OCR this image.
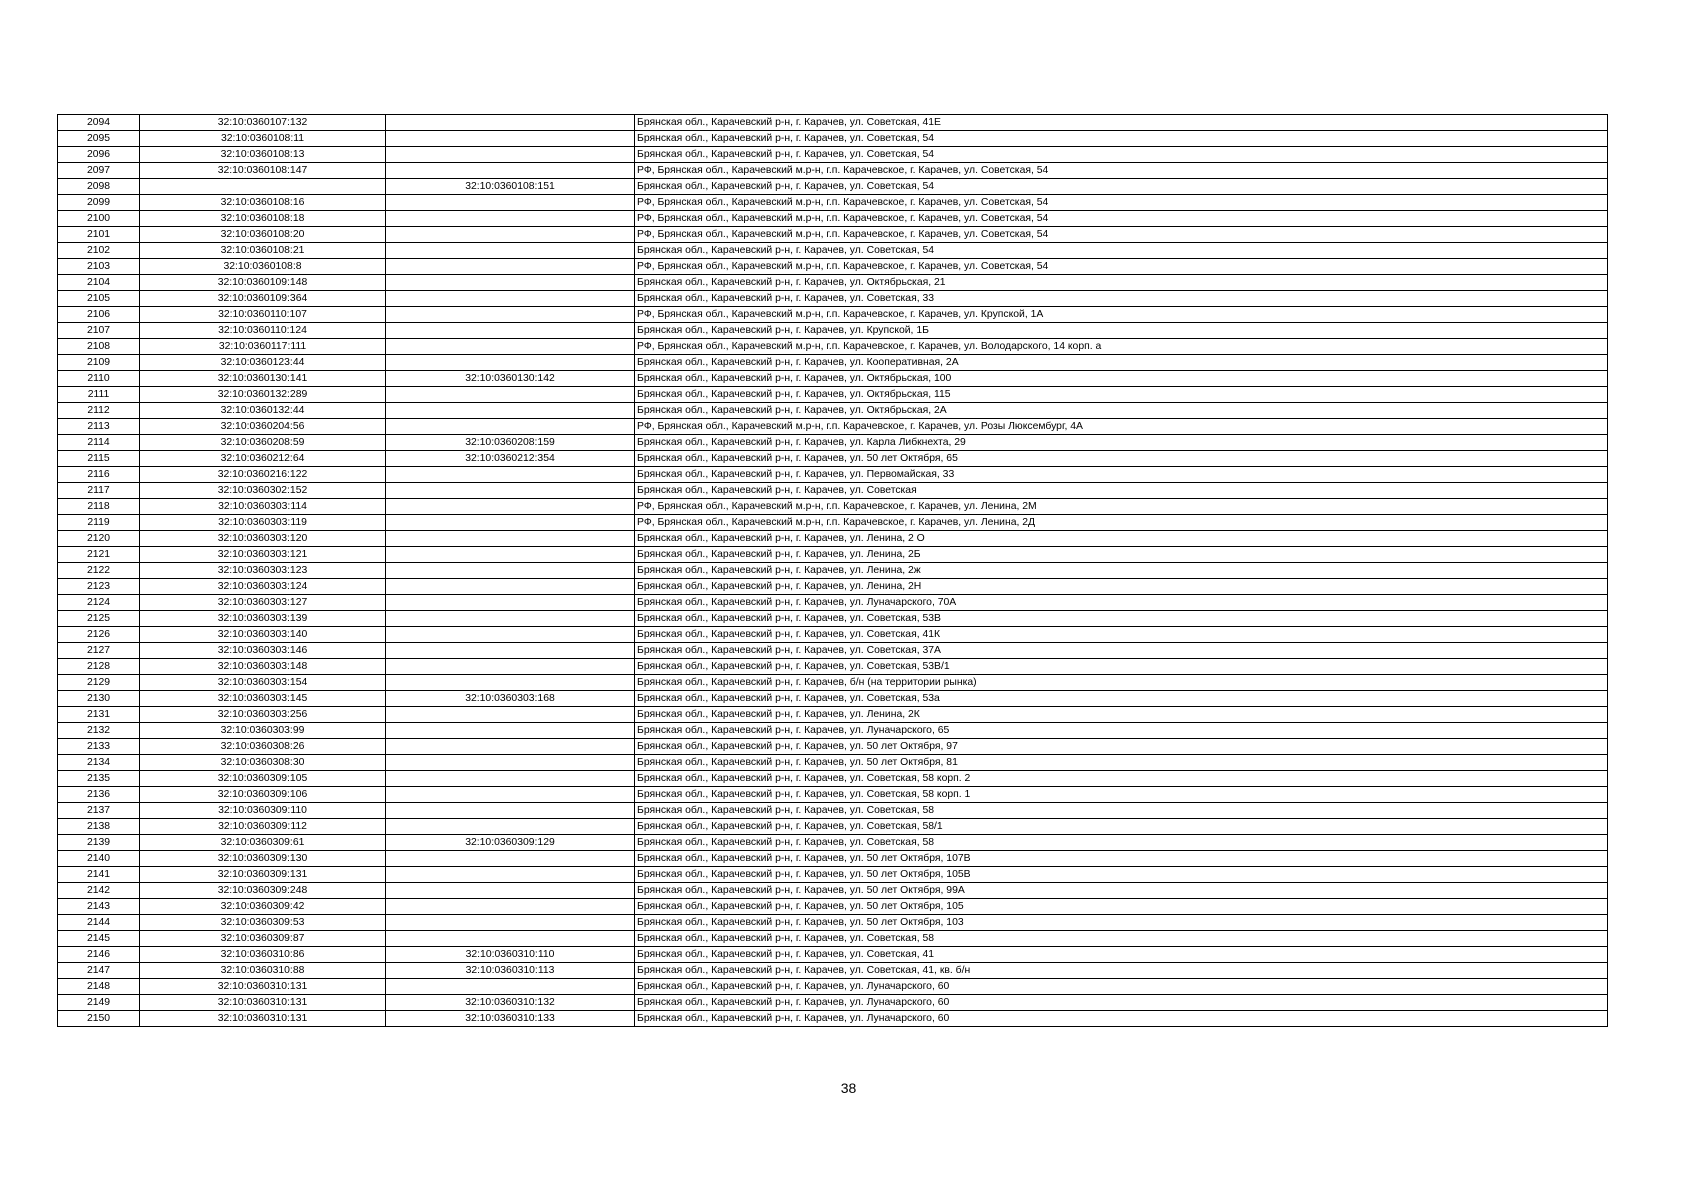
2094	32:10:0360107:132		Брянская обл., Карачевский р-н, г. Карачев, ул. Советская, 41Е
2095	32:10:0360108:11		Брянская обл., Карачевский р-н, г. Карачев, ул. Советская, 54
2096	32:10:0360108:13		Брянская обл., Карачевский р-н, г. Карачев, ул. Советская, 54
2097	32:10:0360108:147		РФ, Брянская обл., Карачевский м.р-н, г.п. Карачевское, г. Карачев, ул. Советская, 54
2098		32:10:0360108:151	Брянская обл., Карачевский р-н, г. Карачев, ул. Советская, 54
2099	32:10:0360108:16		РФ, Брянская обл., Карачевский м.р-н, г.п. Карачевское, г. Карачев, ул. Советская, 54
2100	32:10:0360108:18		РФ, Брянская обл., Карачевский м.р-н, г.п. Карачевское, г. Карачев, ул. Советская, 54
2101	32:10:0360108:20		РФ, Брянская обл., Карачевский м.р-н, г.п. Карачевское, г. Карачев, ул. Советская, 54
2102	32:10:0360108:21		Брянская обл., Карачевский р-н, г. Карачев, ул. Советская, 54
2103	32:10:0360108:8		РФ, Брянская обл., Карачевский м.р-н, г.п. Карачевское, г. Карачев, ул. Советская, 54
2104	32:10:0360109:148		Брянская обл., Карачевский р-н, г. Карачев, ул. Октябрьская, 21
2105	32:10:0360109:364		Брянская обл., Карачевский р-н, г. Карачев, ул. Советская, 33
2106	32:10:0360110:107		РФ, Брянская обл., Карачевский м.р-н, г.п. Карачевское, г. Карачев, ул. Крупской, 1А
2107	32:10:0360110:124		Брянская обл., Карачевский р-н, г. Карачев, ул. Крупской, 1Б
2108	32:10:0360117:111		РФ, Брянская обл., Карачевский м.р-н, г.п. Карачевское, г. Карачев, ул. Володарского, 14 корп. а
2109	32:10:0360123:44		Брянская обл., Карачевский р-н, г. Карачев, ул. Кооперативная, 2А
2110	32:10:0360130:141	32:10:0360130:142	Брянская обл., Карачевский р-н, г. Карачев, ул. Октябрьская, 100
2111	32:10:0360132:289		Брянская обл., Карачевский р-н, г. Карачев, ул. Октябрьская, 115
2112	32:10:0360132:44		Брянская обл., Карачевский р-н, г. Карачев, ул. Октябрьская, 2А
2113	32:10:0360204:56		РФ, Брянская обл., Карачевский м.р-н, г.п. Карачевское, г. Карачев, ул. Розы Люксембург, 4А
2114	32:10:0360208:59	32:10:0360208:159	Брянская обл., Карачевский р-н, г. Карачев, ул. Карла Либкнехта, 29
2115	32:10:0360212:64	32:10:0360212:354	Брянская обл., Карачевский р-н, г. Карачев, ул. 50 лет Октября, 65
2116	32:10:0360216:122		Брянская обл., Карачевский р-н, г. Карачев, ул. Первомайская, 33
2117	32:10:0360302:152		Брянская обл., Карачевский р-н, г. Карачев, ул. Советская
2118	32:10:0360303:114		РФ, Брянская обл., Карачевский м.р-н, г.п. Карачевское, г. Карачев, ул. Ленина, 2М
2119	32:10:0360303:119		РФ, Брянская обл., Карачевский м.р-н, г.п. Карачевское, г. Карачев, ул. Ленина, 2Д
2120	32:10:0360303:120		Брянская обл., Карачевский р-н, г. Карачев, ул. Ленина, 2 О
2121	32:10:0360303:121		Брянская обл., Карачевский р-н, г. Карачев, ул. Ленина, 2Б
2122	32:10:0360303:123		Брянская обл., Карачевский р-н, г. Карачев, ул. Ленина, 2ж
2123	32:10:0360303:124		Брянская обл., Карачевский р-н, г. Карачев, ул. Ленина, 2Н
2124	32:10:0360303:127		Брянская обл., Карачевский р-н, г. Карачев, ул. Луначарского, 70А
2125	32:10:0360303:139		Брянская обл., Карачевский р-н, г. Карачев, ул. Советская, 53В
2126	32:10:0360303:140		Брянская обл., Карачевский р-н, г. Карачев, ул. Советская, 41К
2127	32:10:0360303:146		Брянская обл., Карачевский р-н, г. Карачев, ул. Советская, 37А
2128	32:10:0360303:148		Брянская обл., Карачевский р-н, г. Карачев, ул. Советская, 53В/1
2129	32:10:0360303:154		Брянская обл., Карачевский р-н, г. Карачев, б/н (на территории рынка)
2130	32:10:0360303:145	32:10:0360303:168	Брянская обл., Карачевский р-н, г. Карачев, ул. Советская, 53а
2131	32:10:0360303:256		Брянская обл., Карачевский р-н, г. Карачев, ул. Ленина, 2К
2132	32:10:0360303:99		Брянская обл., Карачевский р-н, г. Карачев, ул. Луначарского, 65
2133	32:10:0360308:26		Брянская обл., Карачевский р-н, г. Карачев, ул. 50 лет Октября, 97
2134	32:10:0360308:30		Брянская обл., Карачевский р-н, г. Карачев, ул. 50 лет Октября, 81
2135	32:10:0360309:105		Брянская обл., Карачевский р-н, г. Карачев, ул. Советская, 58 корп. 2
2136	32:10:0360309:106		Брянская обл., Карачевский р-н, г. Карачев, ул. Советская, 58 корп. 1
2137	32:10:0360309:110		Брянская обл., Карачевский р-н, г. Карачев, ул. Советская, 58
2138	32:10:0360309:112		Брянская обл., Карачевский р-н, г. Карачев, ул. Советская, 58/1
2139	32:10:0360309:61	32:10:0360309:129	Брянская обл., Карачевский р-н, г. Карачев, ул. Советская, 58
2140	32:10:0360309:130		Брянская обл., Карачевский р-н, г. Карачев, ул. 50 лет Октября, 107В
2141	32:10:0360309:131		Брянская обл., Карачевский р-н, г. Карачев, ул. 50 лет Октября, 105В
2142	32:10:0360309:248		Брянская обл., Карачевский р-н, г. Карачев, ул. 50 лет Октября, 99А
2143	32:10:0360309:42		Брянская обл., Карачевский р-н, г. Карачев, ул. 50 лет Октября, 105
2144	32:10:0360309:53		Брянская обл., Карачевский р-н, г. Карачев, ул. 50 лет Октября, 103
2145	32:10:0360309:87		Брянская обл., Карачевский р-н, г. Карачев, ул. Советская, 58
2146	32:10:0360310:86	32:10:0360310:110	Брянская обл., Карачевский р-н, г. Карачев, ул. Советская, 41
2147	32:10:0360310:88	32:10:0360310:113	Брянская обл., Карачевский р-н, г. Карачев, ул. Советская, 41, кв. б/н
2148	32:10:0360310:131		Брянская обл., Карачевский р-н, г. Карачев, ул. Луначарского, 60
2149	32:10:0360310:131	32:10:0360310:132	Брянская обл., Карачевский р-н, г. Карачев, ул. Луначарского, 60
2150	32:10:0360310:131	32:10:0360310:133	Брянская обл., Карачевский р-н, г. Карачев, ул. Луначарского, 60
38
